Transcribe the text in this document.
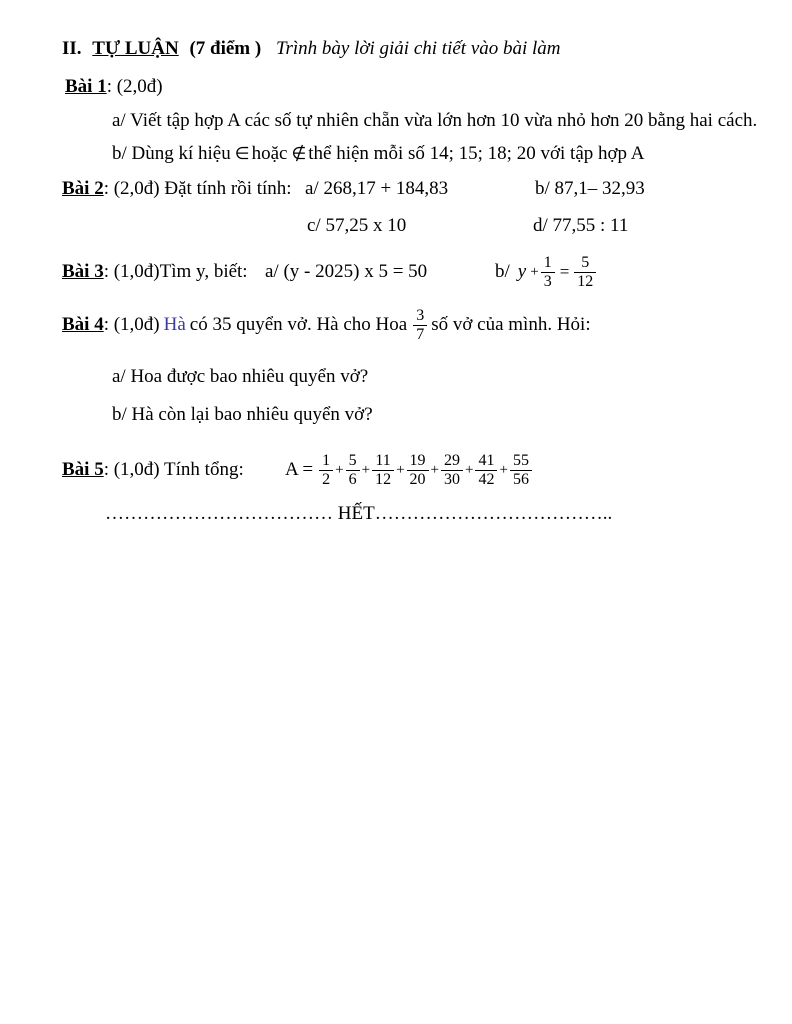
II. TỰ LUẬN (7 điểm ) Trình bày lời giải chi tiết vào bài làm
Bài 1: (2,0đ)
a/ Viết tập hợp A các số tự nhiên chẵn vừa lớn hơn 10 vừa nhỏ hơn 20 bằng hai cách.
b/ Dùng kí hiệu ∈ hoặc ∉ thể hiện mỗi số 14; 15; 18; 20 với tập hợp A
Bài 2: (2,0đ) Đặt tính rồi tính: a/ 268,17 + 184,83	b/ 87,1– 32,93
c/ 57,25 x 10	d/ 77,55 : 11
Bài 3: (1,0đ)Tìm y, biết: a/ (y - 2025) x 5 = 50	b/ $y + \frac{1}{3} = \frac{5}{12}$
Bài 4: (1,0đ) Hà có 35 quyển vở. Hà cho Hoa $\frac{3}{7}$ số vở của mình. Hỏi:
a/ Hoa được bao nhiêu quyển vở?
b/ Hà còn lại bao nhiêu quyển vở?
Bài 5: (1,0đ) Tính tổng: $A = \frac{1}{2} + \frac{5}{6} + \frac{11}{12} + \frac{19}{20} + \frac{29}{30} + \frac{41}{42} + \frac{55}{56}$
……………………………… HẾT………………………………..
